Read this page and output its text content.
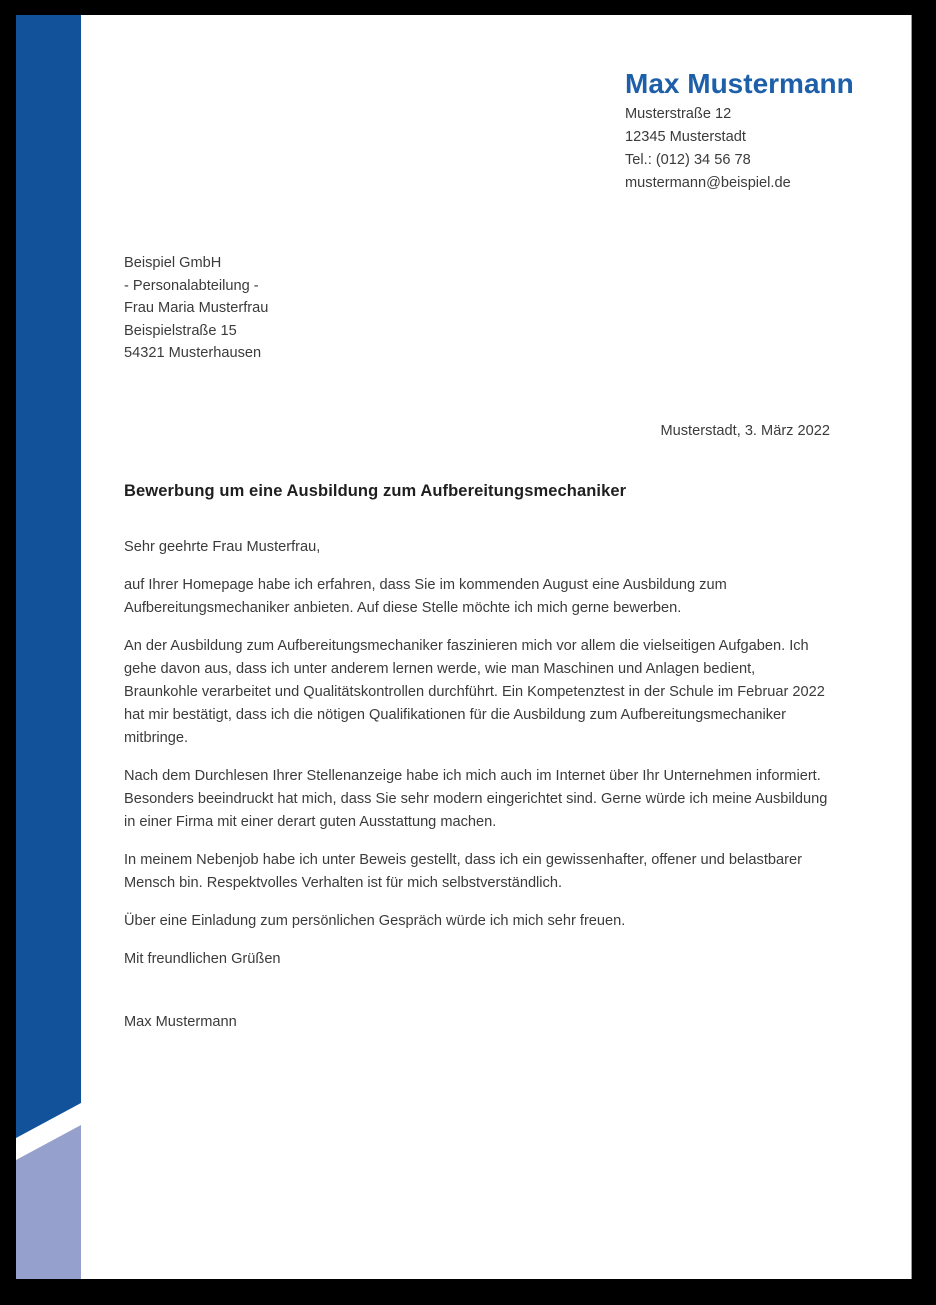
Max Mustermann
Musterstraße 12
12345 Musterstadt
Tel.: (012) 34 56 78
mustermann@beispiel.de
Beispiel GmbH
- Personalabteilung -
Frau Maria Musterfrau
Beispielstraße 15
54321 Musterhausen
Musterstadt, 3. März 2022
Bewerbung um eine Ausbildung zum Aufbereitungsmechaniker

Sehr geehrte Frau Musterfrau,

auf Ihrer Homepage habe ich erfahren, dass Sie im kommenden August eine Ausbildung zum Aufbereitungsmechaniker anbieten. Auf diese Stelle möchte ich mich gerne bewerben.

An der Ausbildung zum Aufbereitungsmechaniker faszinieren mich vor allem die vielseitigen Aufgaben. Ich gehe davon aus, dass ich unter anderem lernen werde, wie man Maschinen und Anlagen bedient, Braunkohle verarbeitet und Qualitätskontrollen durchführt. Ein Kompetenztest in der Schule im Februar 2022 hat mir bestätigt, dass ich die nötigen Qualifikationen für die Ausbildung zum Aufbereitungsmechaniker mitbringe.

Nach dem Durchlesen Ihrer Stellenanzeige habe ich mich auch im Internet über Ihr Unternehmen informiert. Besonders beeindruckt hat mich, dass Sie sehr modern eingerichtet sind. Gerne würde ich meine Ausbildung in einer Firma mit einer derart guten Ausstattung machen.

In meinem Nebenjob habe ich unter Beweis gestellt, dass ich ein gewissenhafter, offener und belastbarer Mensch bin. Respektvolles Verhalten ist für mich selbstverständlich.

Über eine Einladung zum persönlichen Gespräch würde ich mich sehr freuen.

Mit freundlichen Grüßen

Max Mustermann
